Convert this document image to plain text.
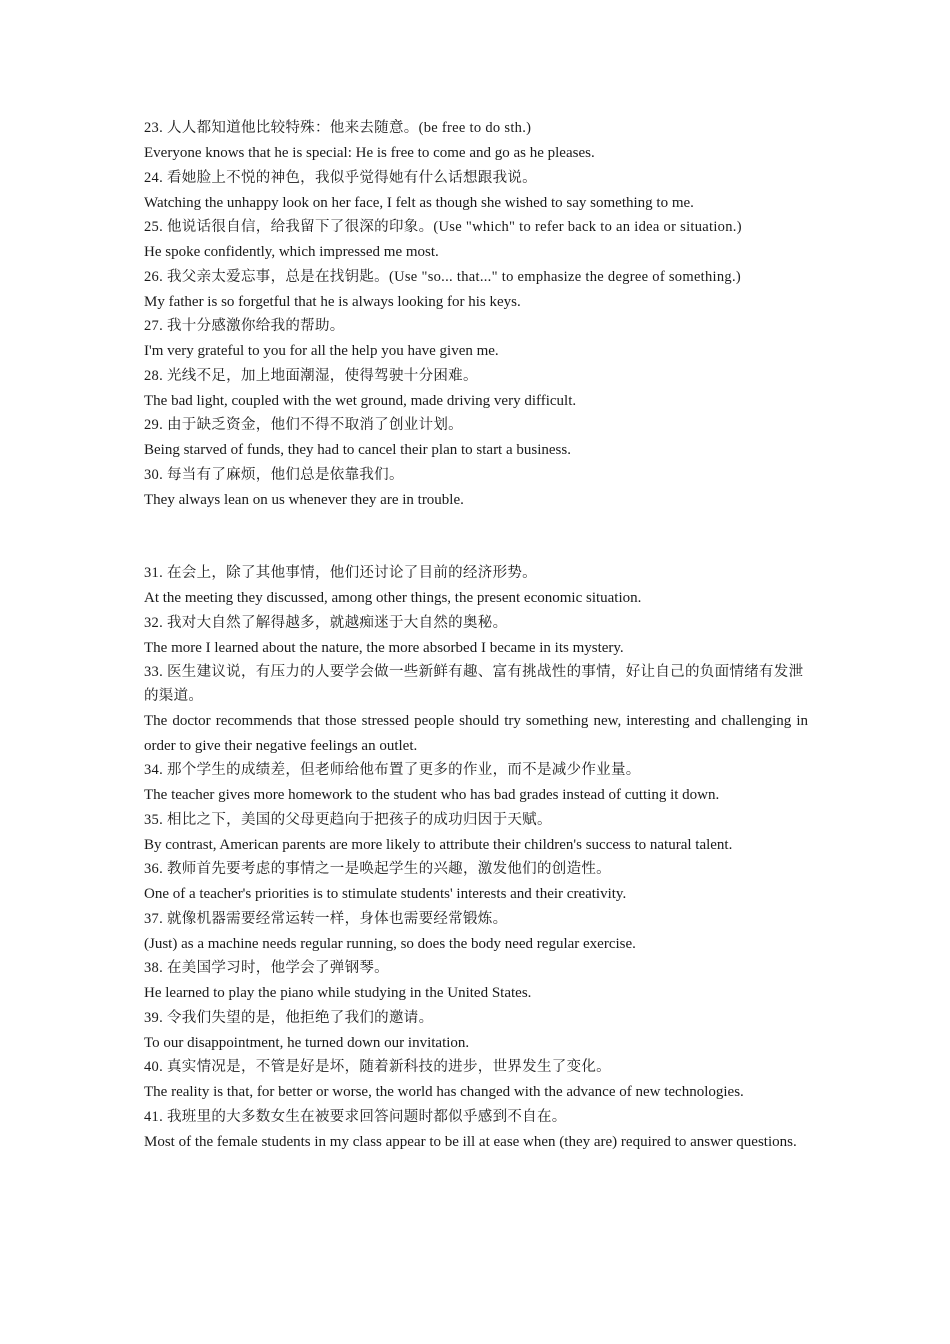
23. 人人都知道他比较特殊：他来去随意。(be free to do sth.)
Everyone knows that he is special: He is free to come and go as he pleases.
24. 看她脸上不悦的神色，我似乎觉得她有什么话想跟我说。
Watching the unhappy look on her face, I felt as though she wished to say something to me.
25. 他说话很自信，给我留下了很深的印象。(Use "which" to refer back to an idea or situation.)
He spoke confidently, which impressed me most.
26. 我父亲太爱忘事，总是在找钥匙。(Use "so... that..." to emphasize the degree of something.)
My father is so forgetful that he is always looking for his keys.
27. 我十分感激你给我的帮助。
I'm very grateful to you for all the help you have given me.
28. 光线不足，加上地面潮湿，使得驾驶十分困难。
The bad light, coupled with the wet ground, made driving very difficult.
29. 由于缺乏资金，他们不得不取消了创业计划。
Being starved of funds, they had to cancel their plan to start a business.
30. 每当有了麻烦，他们总是依靠我们。
They always lean on us whenever they are in trouble.
31. 在会上，除了其他事情，他们还讨论了目前的经济形势。
At the meeting they discussed, among other things, the present economic situation.
32. 我对大自然了解得越多，就越痴迷于大自然的奥秘。
The more I learned about the nature, the more absorbed I became in its mystery.
33. 医生建议说，有压力的人要学会做一些新鲜有趣、富有挑战性的事情，好让自己的负面情绪有发泄的渠道。
The doctor recommends that those stressed people should try something new, interesting and challenging in order to give their negative feelings an outlet.
34. 那个学生的成绩差，但老师给他布置了更多的作业，而不是减少作业量。
The teacher gives more homework to the student who has bad grades instead of cutting it down.
35. 相比之下，美国的父母更趋向于把孩子的成功归因于天赋。
By contrast, American parents are more likely to attribute their children's success to natural talent.
36. 教师首先要考虑的事情之一是唤起学生的兴趣，激发他们的创造性。
One of a teacher's priorities is to stimulate students' interests and their creativity.
37. 就像机器需要经常运转一样，身体也需要经常锻炼。
(Just) as a machine needs regular running, so does the body need regular exercise.
38. 在美国学习时，他学会了弹钢琴。
He learned to play the piano while studying in the United States.
39. 令我们失望的是，他拒绝了我们的邀请。
To our disappointment, he turned down our invitation.
40. 真实情况是，不管是好是坏，随着新科技的进步，世界发生了变化。
The reality is that, for better or worse, the world has changed with the advance of new technologies.
41. 我班里的大多数女生在被要求回答问题时都似乎感到不自在。
Most of the female students in my class appear to be ill at ease when (they are) required to answer questions.
